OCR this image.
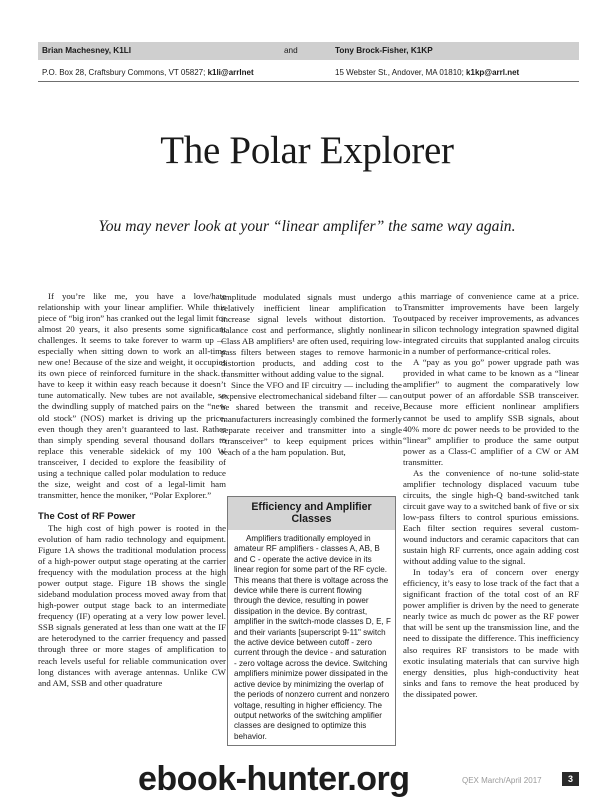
Brian Machesney, K1LI	and	Tony Brock-Fisher, K1KP
P.O. Box 28, Craftsbury Commons, VT 05827; k1li@arrlnet	15 Webster St., Andover, MA 01810; k1kp@arrl.net
The Polar Explorer
You may never look at your “linear amplifer” the same way again.

If you’re like me, you have a love/hate relationship with your linear amplifier. While this piece of “big iron” has cranked out the legal limit for almost 20 years, it also presents some significant challenges. It seems to take forever to warm up — especially when sitting down to work an all-time new one! Because of the size and weight, it occupies its own piece of reinforced furniture in the shack. I have to keep it within easy reach because it doesn’t tune automatically. New tubes are not available, so the dwindling supply of matched pairs on the “new old stock” (NOS) market is driving up the price, even though they aren’t guaranteed to last. Rather than simply spending several thousand dollars to replace this venerable sidekick of my 100 W transceiver, I decided to explore the feasibility of using a technique called polar modulation to reduce the size, weight and cost of a legal-limit ham transmitter, hence the moniker, “Polar Explorer.”

The Cost of RF Power

The high cost of high power is rooted in the evolution of ham radio technology and equipment. Figure 1A shows the traditional modulation process of a high-power output stage operating at the carrier frequency with the modulation process at the high power output stage. Figure 1B shows the single sideband modulation process moved away from that high-power output stage back to an intermediate frequency (IF) operating at a very low power level. SSB signals generated at less than one watt at the IF are heterodyned to the carrier frequency and passed through three or more stages of amplification to reach levels useful for reliable communication over long distances with average antennas. Unlike CW and AM, SSB and other quadrature

amplitude modulated signals must undergo a relatively inefficient linear amplification to increase signal levels without distortion. To balance cost and performance, slightly nonlinear Class AB amplifiers¹ are often used, requiring low-pass filters between stages to remove harmonic distortion products, and adding cost to the transmitter without adding value to the signal.

Since the VFO and IF circuitry — including the expensive electromechanical sideband filter — can be shared between the transmit and receive, manufacturers increasingly combined the formerly separate receiver and transmitter into a single “transceiver” to keep equipment prices within reach of a the ham population. But,

Efficiency and Amplifier Classes

Amplifiers traditionally employed in amateur RF amplifiers - classes A, AB, B and C - operate the active device in its linear region for some part of the RF cycle. This means that there is voltage across the device while there is current flowing through the device, resulting in power dissipation in the device. By contrast, amplifier in the switch-mode classes D, E, F and their variants [superscript 9-11" switch the active device between cutoff - zero current through the device - and saturation - zero voltage across the device. Switching amplifiers minimize power dissipated in the active device by minimizing the overlap of the periods of nonzero current and nonzero voltage, resulting in higher efficiency. The output networks of the switching amplifier classes are designed to optimize this behavior.

this marriage of convenience came at a price. Transmitter improvements have been largely outpaced by receiver improvements, as advances in silicon technology integration spawned digital integrated circuits that supplanted analog circuits in a number of performance-critical roles.

A “pay as you go” power upgrade path was provided in what came to be known as a “linear amplifier” to augment the comparatively low output power of an affordable SSB transceiver. Because more efficient nonlinear amplifiers cannot be used to amplify SSB signals, about 40% more dc power needs to be provided to the “linear” amplifier to produce the same output power as a Class-C amplifier of a CW or AM transmitter.

As the convenience of no-tune solid-state amplifier technology displaced vacuum tube circuits, the single high-Q band-switched tank circuit gave way to a switched bank of five or six low-pass filters to control spurious emissions. Each filter section requires several custom-wound inductors and ceramic capacitors that can sustain high RF currents, once again adding cost without adding value to the signal.

In today’s era of concern over energy efficiency, it’s easy to lose track of the fact that a significant fraction of the total cost of an RF power amplifier is driven by the need to generate nearly twice as much dc power as the RF power that will be sent up the transmission line, and the need to dissipate the difference. This inefficiency also requires RF transistors to be made with exotic insulating materials that can survive high energy densities, plus high-conductivity heat sinks and fans to remove the heat produced by the dissipated power.

QEX March/April 2017	3
ebook-hunter.org
